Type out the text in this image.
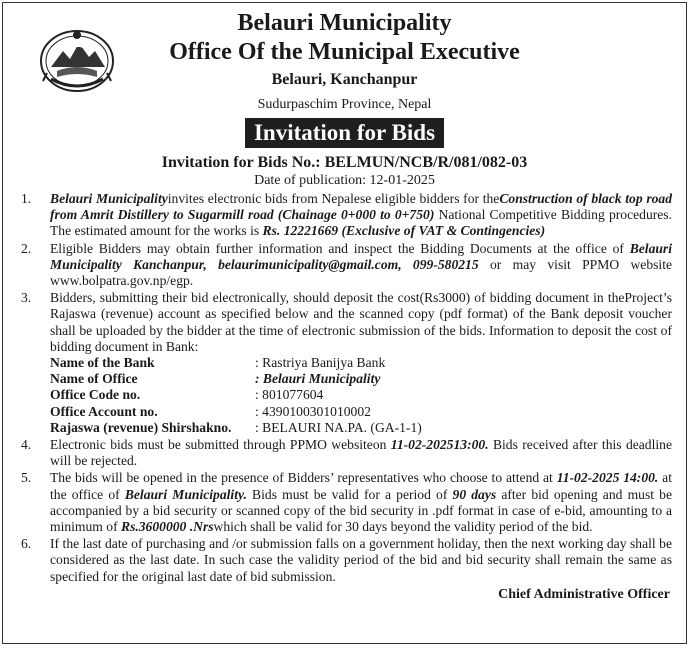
Belauri Municipality
Office Of the Municipal Executive
Belauri, Kanchanpur
Sudurpaschim Province, Nepal
Invitation for Bids
Invitation for Bids No.: BELMUN/NCB/R/081/082-03
Date of publication: 12-01-2025
1. Belauri Municipalityinvites electronic bids from Nepalese eligible bidders for theConstruction of black top road from Amrit Distillery to Sugarmill road (Chainage 0+000 to 0+750) National Competitive Bidding procedures. The estimated amount for the works is Rs. 12221669 (Exclusive of VAT & Contingencies)
2. Eligible Bidders may obtain further information and inspect the Bidding Documents at the office of Belauri Municipality Kanchanpur, belaurimunicipality@gmail.com, 099-580215 or may visit PPMO website www.bolpatra.gov.np/egp.
3. Bidders, submitting their bid electronically, should deposit the cost(Rs3000) of bidding document in theProject’s Rajaswa (revenue) account as specified below and the scanned copy (pdf format) of the Bank deposit voucher shall be uploaded by the bidder at the time of electronic submission of the bids. Information to deposit the cost of bidding document in Bank:
Name of the Bank	: Rastriya Banijya Bank
Name of Office	: Belauri Municipality
Office Code no.	: 801077604
Office Account no.	: 4390100301010002
Rajaswa (revenue) Shirshakno.	: BELAURI NA.PA. (GA-1-1)
4. Electronic bids must be submitted through PPMO websiteon 11-02-202513:00. Bids received after this deadline will be rejected.
5. The bids will be opened in the presence of Bidders’ representatives who choose to attend at 11-02-2025 14:00. at the office of Belauri Municipality. Bids must be valid for a period of 90 days after bid opening and must be accompanied by a bid security or scanned copy of the bid security in .pdf format in case of e-bid, amounting to a minimum of Rs.3600000 .Nrswhich shall be valid for 30 days beyond the validity period of the bid.
6. If the last date of purchasing and /or submission falls on a government holiday, then the next working day shall be considered as the last date. In such case the validity period of the bid and bid security shall remain the same as specified for the original last date of bid submission.
Chief Administrative Officer
